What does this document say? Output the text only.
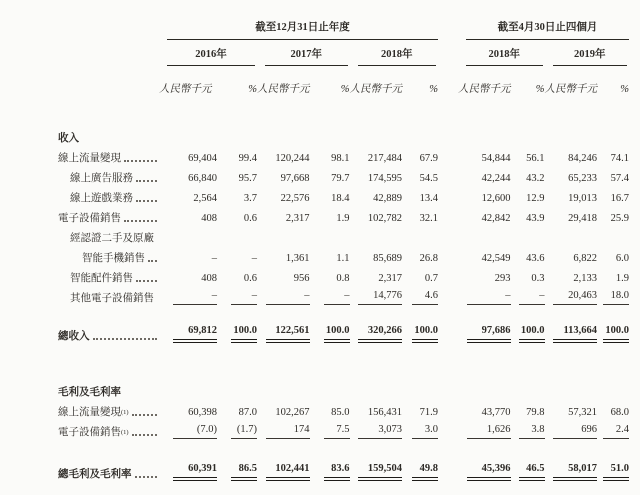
	截至12月31日止年度							截至4月30日止四個月			

	2016年		2017年		2018年			2018年		2019年	

	人民幣千元	%	人民幣千元	%	人民幣千元	%		人民幣千元	%	人民幣千元	%

收入											

線上流量變現	69,404	99.4	120,244	98.1	217,484	67.9		54,844	56.1	84,246	74.1

線上廣告服務	66,840	95.7	97,668	79.7	174,595	54.5		42,244	43.2	65,233	57.4

線上遊戲業務	2,564	3.7	22,576	18.4	42,889	13.4		12,600	12.9	19,013	16.7

電子設備銷售	408	0.6	2,317	1.9	102,782	32.1		42,842	43.9	29,418	25.9

經認證二手及原廠											

智能手機銷售	–	–	1,361	1.1	85,689	26.8		42,549	43.6	6,822	6.0

智能配件銷售	408	0.6	956	0.8	2,317	0.7		293	0.3	2,133	1.9

其他電子設備銷售	–	–	–	–	14,776	4.6		–	–	20,463	18.0

總收入	69,812	100.0	122,561	100.0	320,266	100.0		97,686	100.0	113,664	100.0

毛利及毛利率											

線上流量變現 (1)	60,398	87.0	102,267	85.0	156,431	71.9		43,770	79.8	57,321	68.0

電子設備銷售 (1)	(7.0)	(1.7)	174	7.5	3,073	3.0		1,626	3.8	696	2.4

總毛利及毛利率	60,391	86.5	102,441	83.6	159,504	49.8		45,396	46.5	58,017	51.0
